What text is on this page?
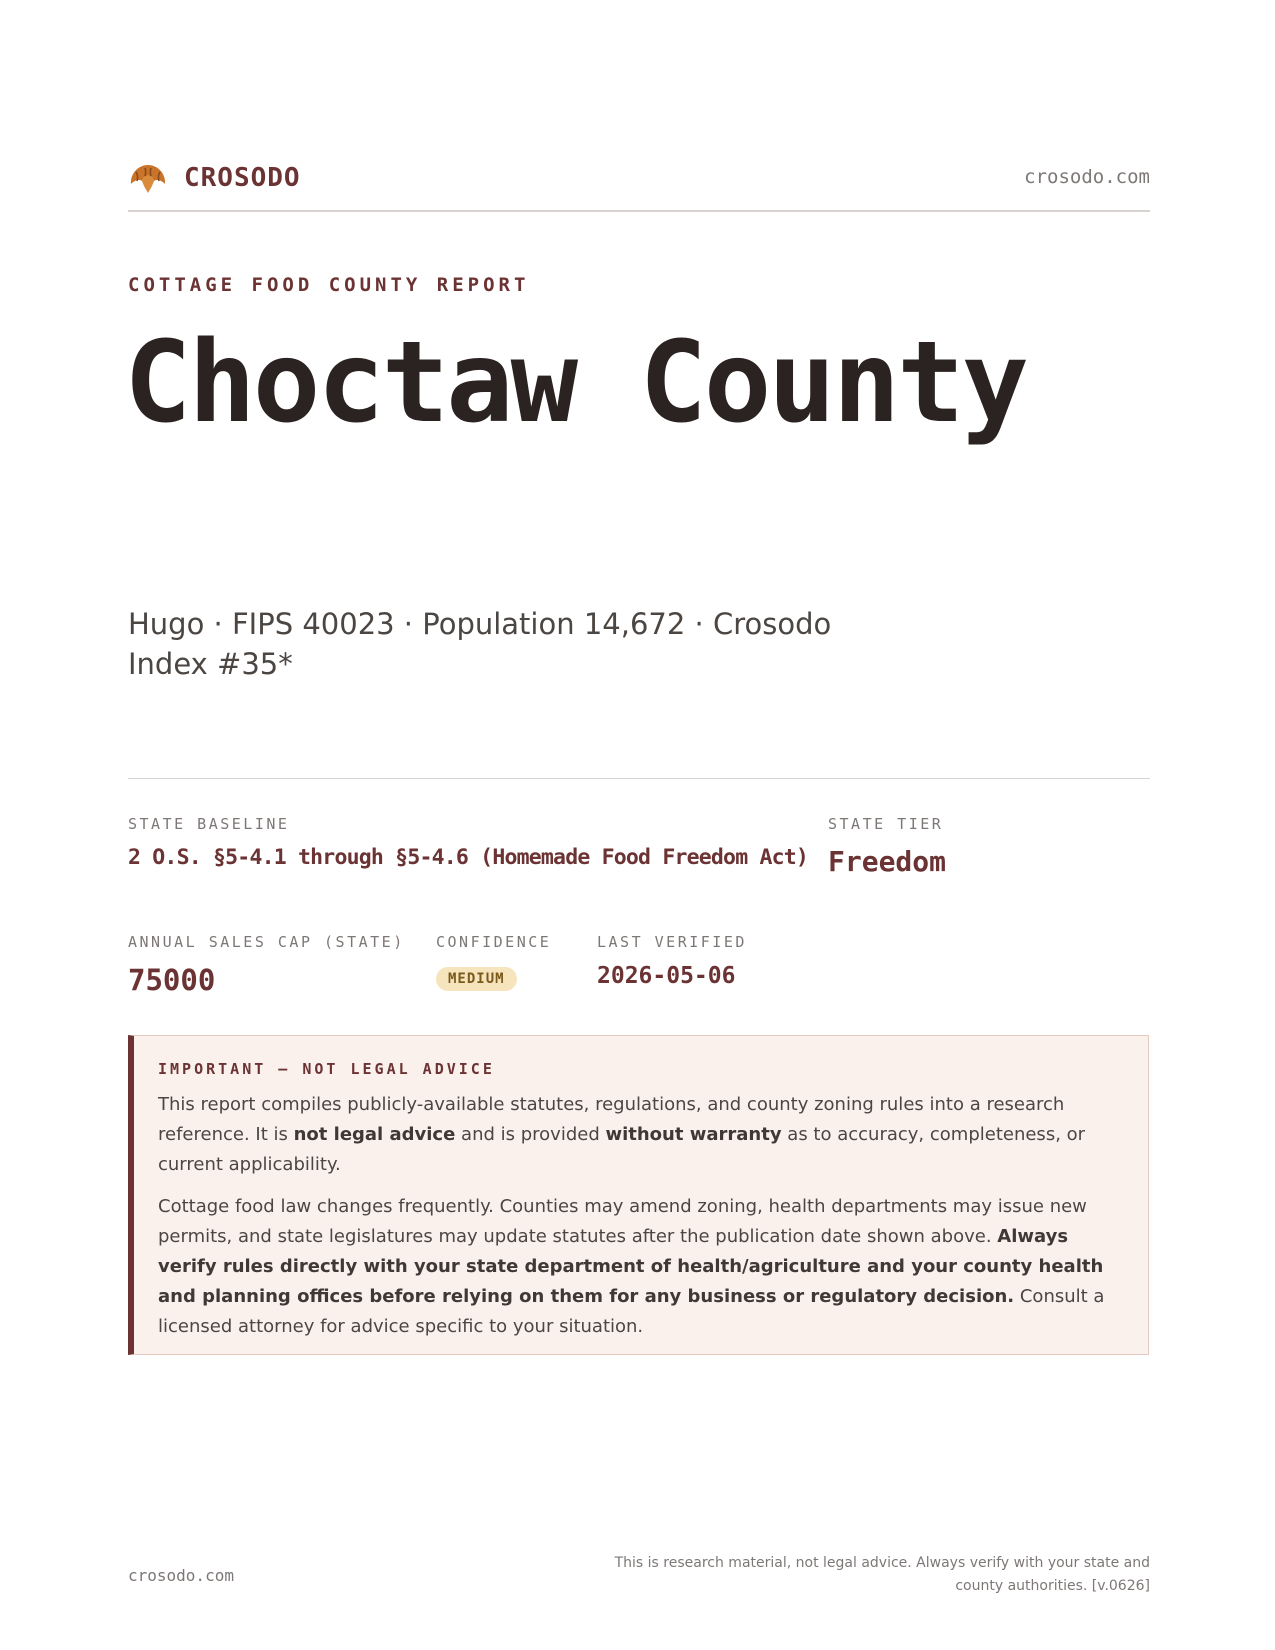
CROSODO	crosodo.com
COTTAGE FOOD COUNTY REPORT
Choctaw County
Hugo · FIPS 40023 · Population 14,672 · Crosodo Index #35*
STATE BASELINE
2 O.S. §5-4.1 through §5-4.6 (Homemade Food Freedom Act)
STATE TIER
Freedom
ANNUAL SALES CAP (STATE)
75000
CONFIDENCE
MEDIUM
LAST VERIFIED
2026-05-06
IMPORTANT — NOT LEGAL ADVICE

This report compiles publicly-available statutes, regulations, and county zoning rules into a research reference. It is not legal advice and is provided without warranty as to accuracy, completeness, or current applicability.

Cottage food law changes frequently. Counties may amend zoning, health departments may issue new permits, and state legislatures may update statutes after the publication date shown above. Always verify rules directly with your state department of health/agriculture and your county health and planning offices before relying on them for any business or regulatory decision. Consult a licensed attorney for advice specific to your situation.

crosodo.com
This is research material, not legal advice. Always verify with your state and county authorities. [v.0626]
